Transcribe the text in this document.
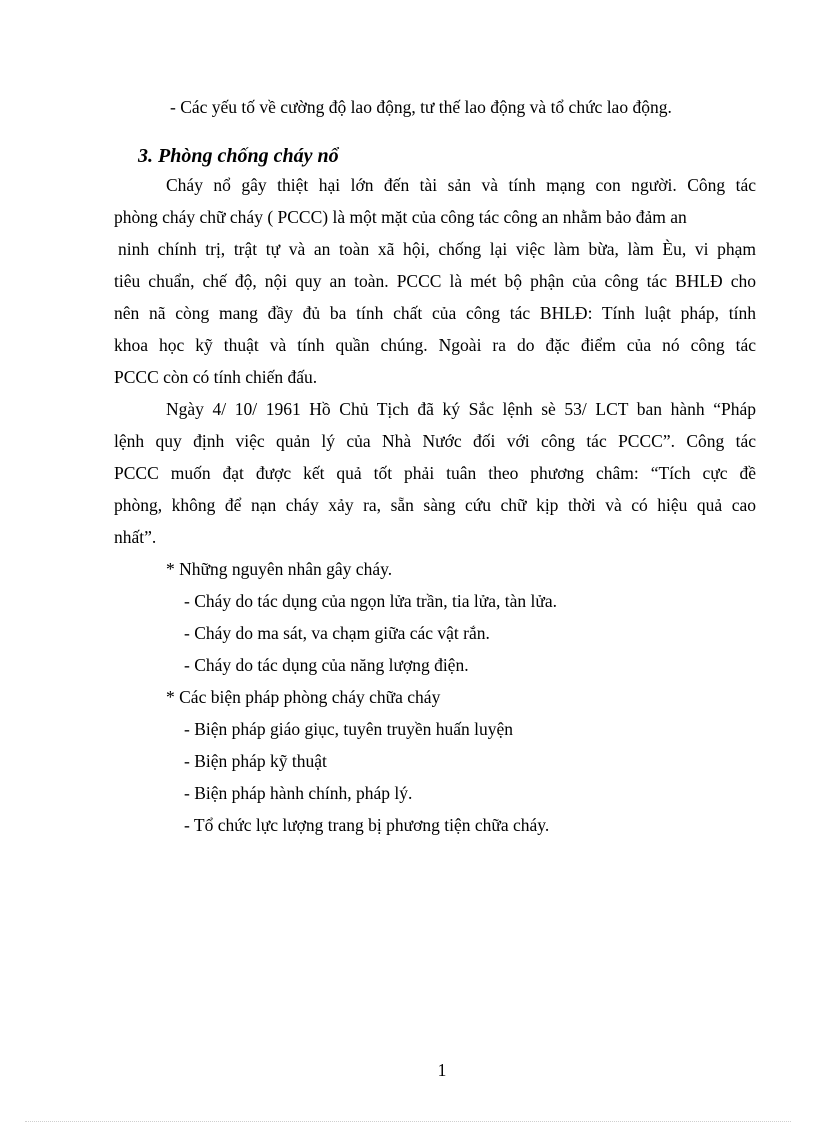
- Các yếu tố về cường độ lao động, tư thế lao động và tổ chức lao động.
3. Phòng chống cháy nổ
Cháy nổ gây thiệt hại lớn đến tài sản và tính mạng con người. Công tác
phòng cháy chữ cháy ( PCCC) là một mặt của công tác công an nhằm bảo đảm an
ninh chính trị, trật tự và an toàn xã hội, chống lại việc làm bừa, làm Èu, vi phạm
tiêu chuẩn, chế độ, nội quy an toàn. PCCC là mét bộ phận của công tác BHLĐ cho
nên nã còng mang đầy đủ ba tính chất của công tác BHLĐ: Tính luật pháp, tính
khoa học kỹ thuật và tính quần chúng. Ngoài ra do đặc điểm của nó công tác
PCCC còn có tính chiến đấu.
Ngày 4/ 10/ 1961 Hồ Chủ Tịch đã ký Sắc lệnh sè 53/ LCT ban hành “Pháp
lệnh quy định việc quản lý của Nhà Nước đối với công tác PCCC”. Công tác
PCCC muốn đạt được kết quả tốt phải tuân theo phương châm: “Tích cực đề
phòng, không để nạn cháy xảy ra, sẵn sàng cứu chữ kịp thời và có hiệu quả cao
nhất”.
* Những nguyên nhân gây cháy.
- Cháy do tác dụng của ngọn lửa trần, tia lửa, tàn lửa.
- Cháy do ma sát, va chạm giữa các vật rắn.
- Cháy do tác dụng của năng lượng điện.
* Các biện pháp phòng cháy chữa cháy
- Biện pháp giáo giục, tuyên truyền huấn luyện
- Biện pháp kỹ thuật
- Biện pháp hành chính, pháp lý.
- Tổ chức lực lượng trang bị phương tiện chữa cháy.
1
